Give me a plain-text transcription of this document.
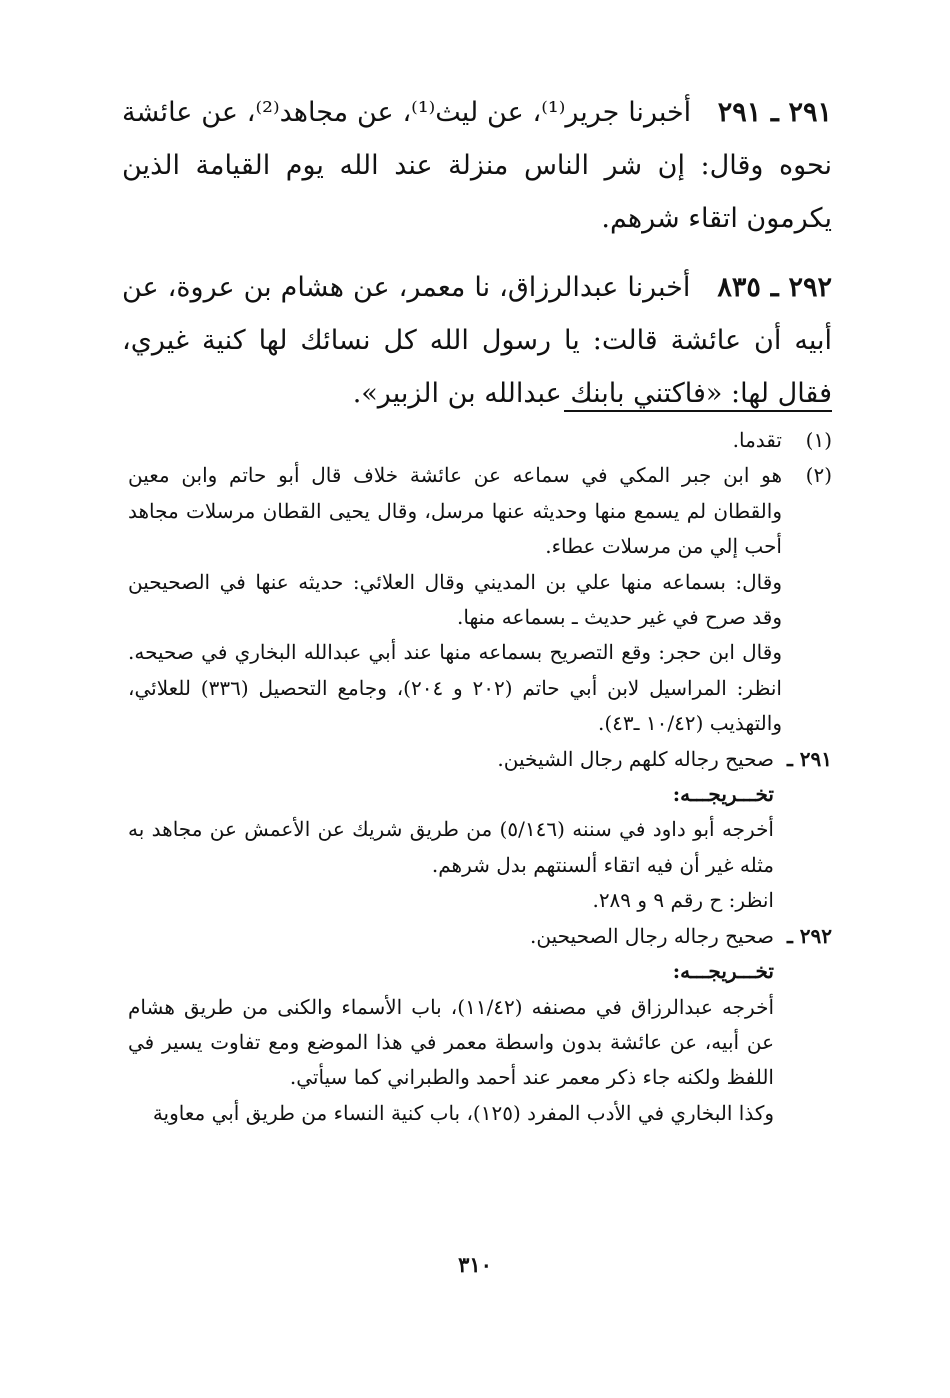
٢٩١ ـ ٢٩١   أخبرنا جرير⁽¹⁾، عن ليث⁽¹⁾، عن مجاهد⁽²⁾، عن عائشة نحوه وقال: إن شر الناس منزلة عند الله يوم القيامة الذين يكرمون اتقاء شرهم.

٢٩٢ ـ ٨٣٥   أخبرنا عبدالرزاق، نا معمر، عن هشام بن عروة، عن أبيه أن عائشة قالت: يا رسول الله كل نسائك لها كنية غيري، فقال لها: «فاكتني بابنك عبدالله بن الزبير».

(١)

تقدما.

(٢)

هو ابن جبر المكي في سماعه عن عائشة خلاف قال أبو حاتم وابن معين والقطان لم يسمع منها وحديثه عنها مرسل، وقال يحيى القطان مرسلات مجاهد أحب إلي من مرسلات عطاء.

وقال: بسماعه منها علي بن المديني وقال العلائي: حديثه عنها في الصحيحين وقد صرح في غير حديث ـ بسماعه منها.

وقال ابن حجر: وقع التصريح بسماعه منها عند أبي عبدالله البخاري في صحيحه. انظر: المراسيل لابن أبي حاتم (٢٠٢ و ٢٠٤)، وجامع التحصيل (٣٣٦) للعلائي، والتهذيب (١٠/٤٢ ـ٤٣).

٢٩١ ـ
صحيح رجاله كلهم رجال الشيخين.

تخـــريجـــه:

أخرجه أبو داود في سننه (٥/١٤٦) من طريق شريك عن الأعمش عن مجاهد به مثله غير أن فيه اتقاء ألسنتهم بدل شرهم.

انظر: ح رقم ٩ و ٢٨٩.

٢٩٢ ـ
صحيح رجاله رجال الصحيحين.

تخـــريجـــه:

أخرجه عبدالرزاق في مصنفه (١١/٤٢)، باب الأسماء والكنى من طريق هشام عن أبيه، عن عائشة بدون واسطة معمر في هذا الموضع ومع تفاوت يسير في اللفظ ولكنه جاء ذكر معمر عند أحمد والطبراني كما سيأتي.

وكذا البخاري في الأدب المفرد (١٢٥)، باب كنية النساء من طريق أبي معاوية

٣١٠
